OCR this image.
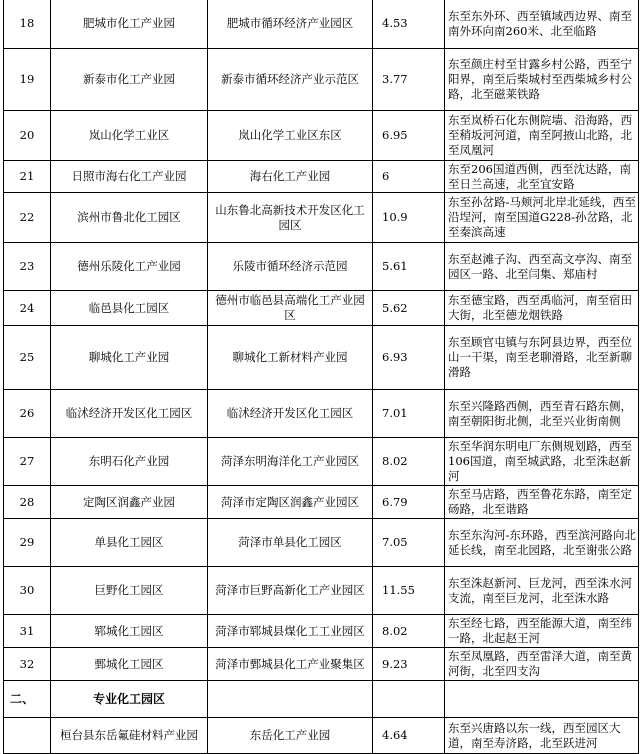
18	肥城市化工产业园	肥城市循环经济产业园区	4.53	东至东外环、西至镇域西边界、南至南外环向南260米、北至临路
19	新泰市化工产业园	新泰市循环经济产业示范区	3.77	东至颜庄村至甘露乡村公路，西至宁阳界，南至后柴城村至西柴城乡村公路，北至磁莱铁路
20	岚山化学工业区	岚山化学工业区东区	6.95	东至岚桥石化东侧院墙、沿海路，西至稍坂河河道，南至阿掖山北路，北至凤凰河
21	日照市海右化工产业园	海右化工产业园	6	东至206国道西侧，西至沈达路，南至日兰高速，北至宜安路
22	滨州市鲁北化工园区	山东鲁北高新技术开发区化工园区	10.9	东至孙岔路-马颊河北岸北延线，西至沿埕河，南至国道G228-孙岔路，北至秦滨高速
23	德州乐陵化工产业园	乐陵市循环经济示范园	5.61	东至赵滩子沟、西至高文亭沟、南至园区一路、北至闫集、郑庙村
24	临邑县化工园区	德州市临邑县高端化工产业园区	5.62	东至德宝路，西至禹临河，南至宿田大街，北至德龙烟铁路
25	聊城化工产业园	聊城化工新材料产业园	6.93	东至顾官屯镇与东阿县边界，西至位山一干渠，南至老聊滑路，北至新聊滑路
26	临沭经济开发区化工园区	临沭经济开发区化工园区	7.01	东至兴隆路西侧，西至青石路东侧，南至朝阳街北侧，北至兴业街南侧
27	东明石化产业园	菏泽东明海洋化工产业园区	8.02	东至华润东明电厂东侧规划路，西至106国道，南至城武路，北至洙赵新河
28	定陶区润鑫产业园	菏泽市定陶区润鑫产业园区	6.79	东至马店路，西至鲁花东路，南至定砀路，北至谐路
29	单县化工园区	菏泽市单县化工园区	7.05	东至东沟河-东环路，西至滨河路向北延长线，南至北园路，北至谢张公路
30	巨野化工园区	菏泽市巨野高新化工产业园区	11.55	东至洙赵新河、巨龙河，西至洙水河支流，南至巨龙河，北至洙水路
31	郓城化工园区	菏泽市郓城县煤化工工业园区	8.02	东至经七路，西至能源大道，南至纬一路，北起赵王河
32	鄄城化工园区	菏泽市鄄城县化工产业聚集区	9.23	东至凤凰路，西至雷泽大道，南至黄河街，北至四支沟
二、	专业化工园区			
	桓台县东岳氟硅材料产业园	东岳化工产业园	4.64	东至兴唐路以东一线，西至园区大道，南至寿济路，北至跃进河
